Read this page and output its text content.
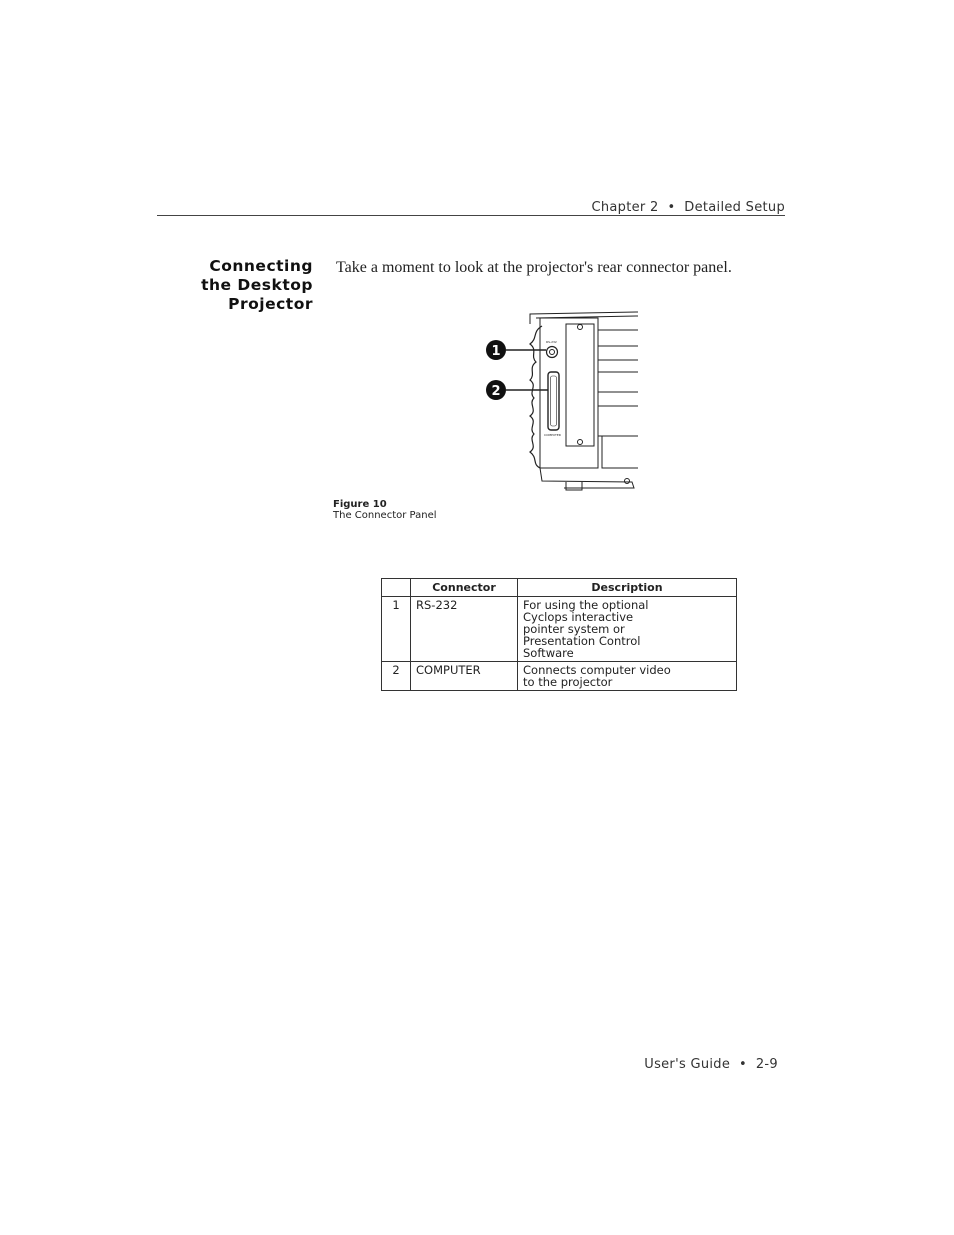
Chapter 2 • Detailed Setup
Connecting
the Desktop
Projector
Take a moment to look at the projector's rear connector panel.
RS-232
COMPUTER
1
2
Figure 10
The Connector Panel
	Connector	Description
1	RS-232	For using the optional
Cyclops interactive
pointer system or
Presentation Control
Software

2	COMPUTER	Connects computer video
to the projector
User's Guide • 2-9
